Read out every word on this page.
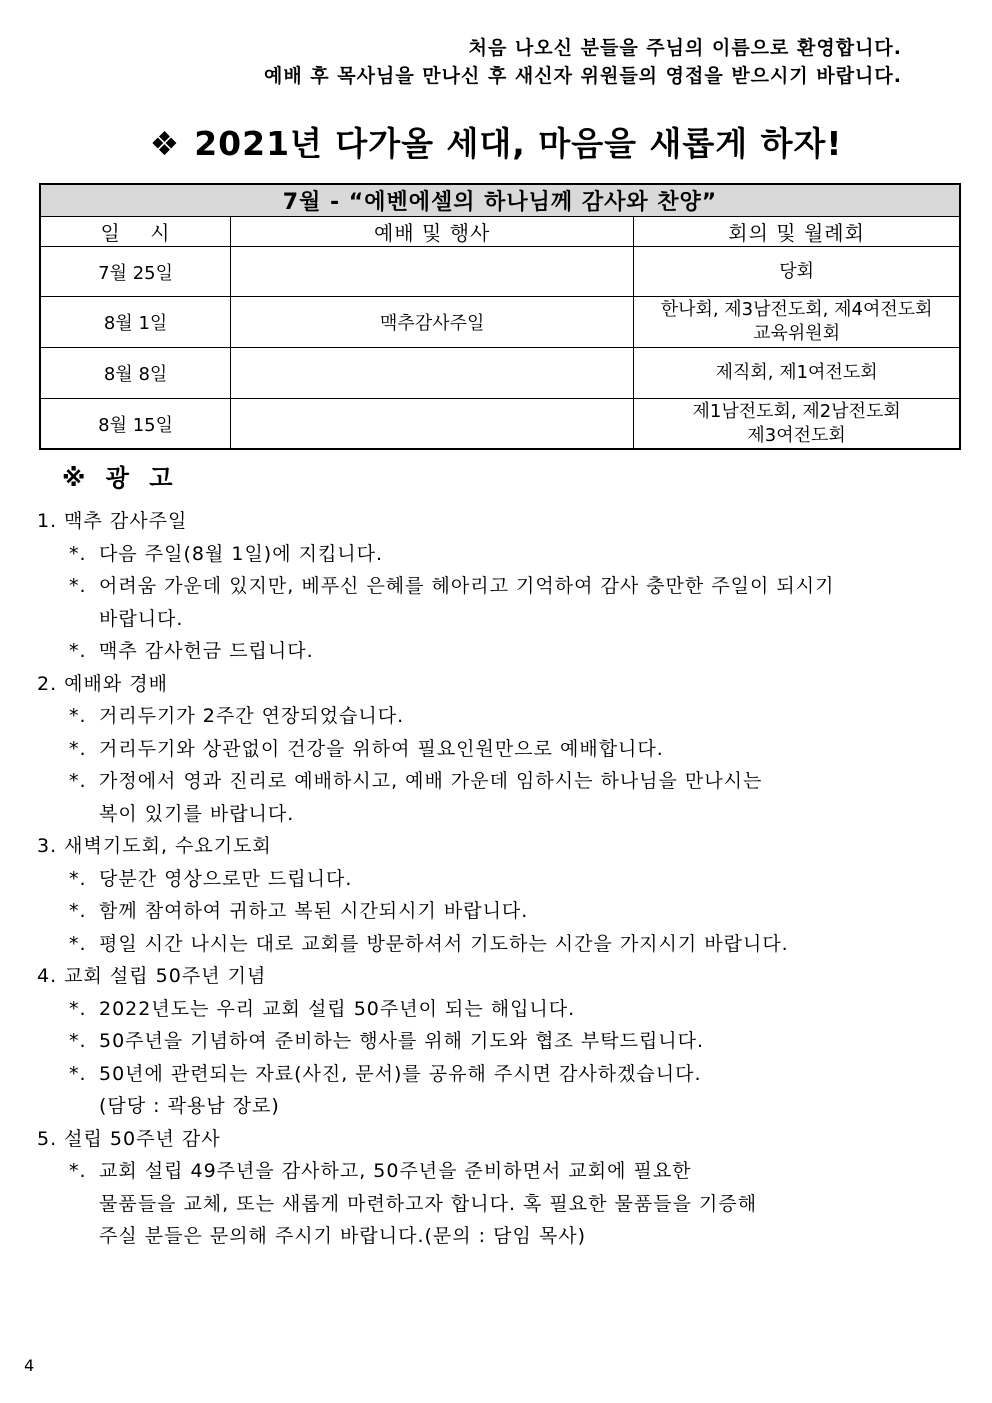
처음 나오신 분들을 주님의 이름으로 환영합니다.
예배 후 목사님을 만나신 후 새신자 위원들의 영접을 받으시기 바랍니다.
❖ 2021년 다가올 세대, 마음을 새롭게 하자!
7월 - “에벤에셀의 하나님께 감사와 찬양”		
일    시	예배 및 행사	회의 및 월례회
7월 25일		당회

8월 1일	맥추감사주일	한나회, 제3남전도회, 제4여전도회
교육위원회

8월 8일		제직회, 제1여전도회

8월 15일		제1남전도회, 제2남전도회
제3여전도회
※ 광 고
1. 맥추 감사주일
*. 다음 주일(8월 1일)에 지킵니다.
*. 어려움 가운데 있지만, 베푸신 은혜를 헤아리고 기억하여 감사 충만한 주일이 되시기
바랍니다.
*. 맥추 감사헌금 드립니다.
2. 예배와 경배
*. 거리두기가 2주간 연장되었습니다.
*. 거리두기와 상관없이 건강을 위하여 필요인원만으로 예배합니다.
*. 가정에서 영과 진리로 예배하시고, 예배 가운데 임하시는 하나님을 만나시는
복이 있기를 바랍니다.
3. 새벽기도회, 수요기도회
*. 당분간 영상으로만 드립니다.
*. 함께 참여하여 귀하고 복된 시간되시기 바랍니다.
*. 평일 시간 나시는 대로 교회를 방문하셔서 기도하는 시간을 가지시기 바랍니다.
4. 교회 설립 50주년 기념
*. 2022년도는 우리 교회 설립 50주년이 되는 해입니다.
*. 50주년을 기념하여 준비하는 행사를 위해 기도와 협조 부탁드립니다.
*. 50년에 관련되는 자료(사진, 문서)를 공유해 주시면 감사하겠습니다.
(담당 : 곽용남 장로)
5. 설립 50주년 감사
*. 교회 설립 49주년을 감사하고, 50주년을 준비하면서 교회에 필요한
물품들을 교체, 또는 새롭게 마련하고자 합니다. 혹 필요한 물품들을 기증해
주실 분들은 문의해 주시기 바랍니다.(문의 : 담임 목사)
4
